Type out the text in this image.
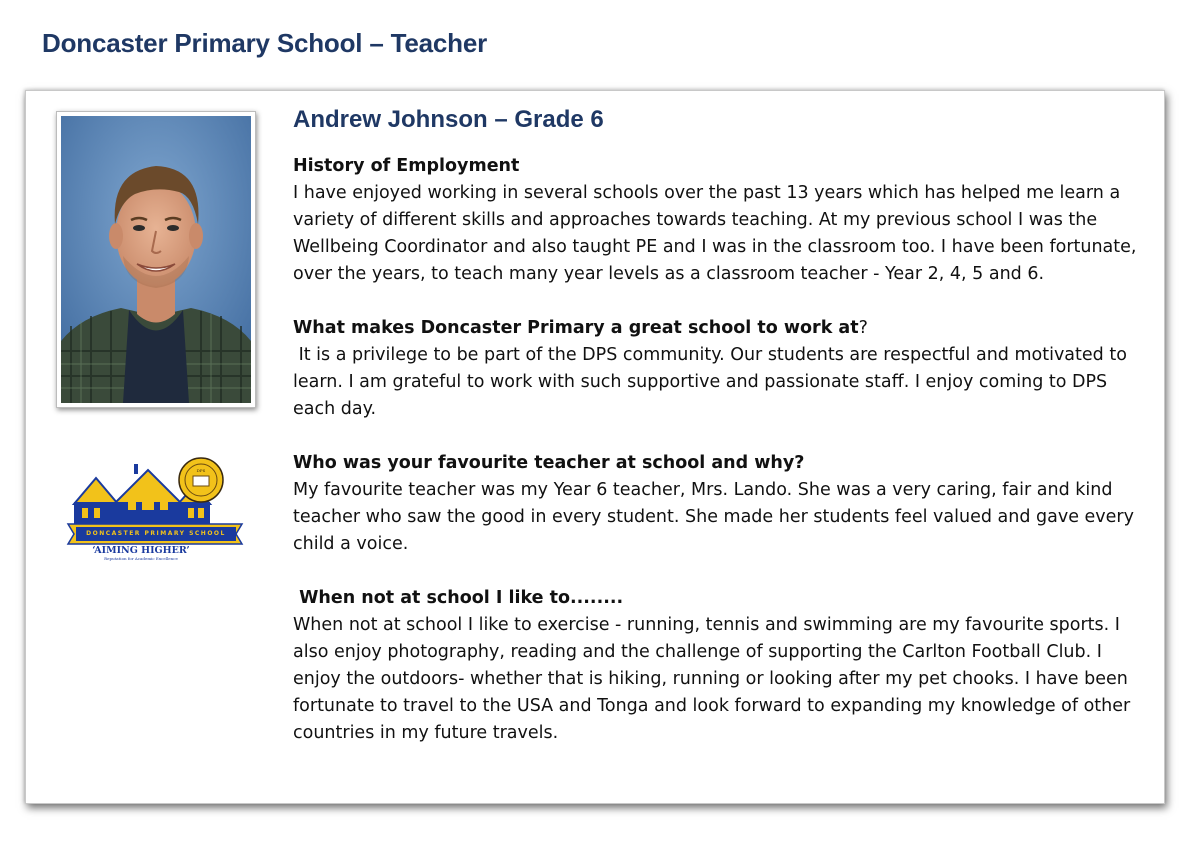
Doncaster Primary School – Teacher
DPS
DONCASTER PRIMARY SCHOOL
‘AIMING HIGHER’
Reputation for Academic Excellence
Andrew Johnson – Grade 6
History of Employment
I have enjoyed working in several schools over the past 13 years which has helped me learn a variety of different skills and approaches towards teaching. At my previous school I was the Wellbeing Coordinator and also taught PE and I was in the classroom too. I have been fortunate, over the years, to teach many year levels as a classroom teacher - Year 2, 4, 5 and 6.
What makes Doncaster Primary a great school to work at?
It is a privilege to be part of the DPS community. Our students are respectful and motivated to learn. I am grateful to work with such supportive and passionate staff. I enjoy coming to DPS each day.
Who was your favourite teacher at school and why?
My favourite teacher was my Year 6 teacher, Mrs. Lando. She was a very caring, fair and kind teacher who saw the good in every student. She made her students feel valued and gave every child a voice.
When not at school I like to........
When not at school I like to exercise - running, tennis and swimming are my favourite sports. I also enjoy photography, reading and the challenge of supporting the Carlton Football Club. I enjoy the outdoors- whether that is hiking, running or looking after my pet chooks. I have been fortunate to travel to the USA and Tonga and look forward to expanding my knowledge of other countries in my future travels.
